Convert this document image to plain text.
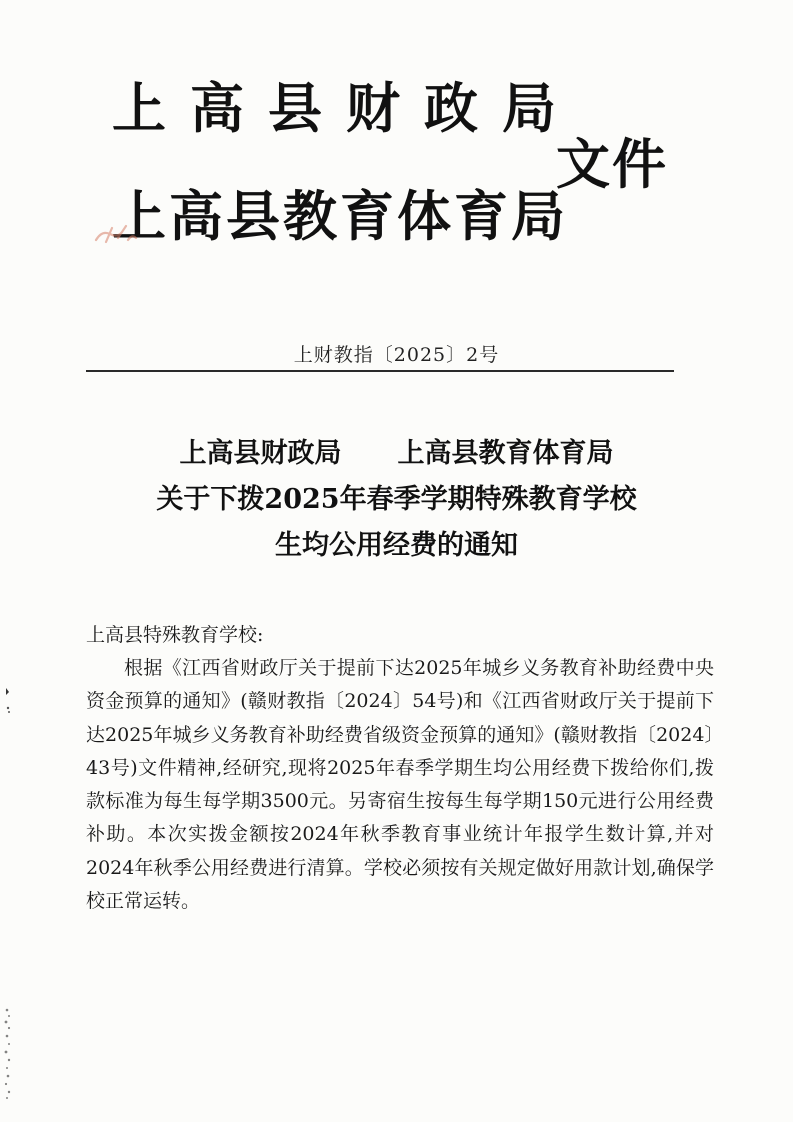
上高县财政局
文件
上高县教育体育局
上财教指〔2025〕2号
上高县财政局 上高县教育体育局
关于下拨2025年春季学期特殊教育学校
生均公用经费的通知
上高县特殊教育学校:

根据《江西省财政厅关于提前下达2025年城乡义务教育补助经费中央资金预算的通知》(赣财教指〔2024〕54号)和《江西省财政厅关于提前下达2025年城乡义务教育补助经费省级资金预算的通知》(赣财教指〔2024〕43号)文件精神,经研究,现将2025年春季学期生均公用经费下拨给你们,拨款标准为每生每学期3500元。另寄宿生按每生每学期150元进行公用经费补助。本次实拨金额按2024年秋季教育事业统计年报学生数计算,并对2024年秋季公用经费进行清算。学校必须按有关规定做好用款计划,确保学校正常运转。
